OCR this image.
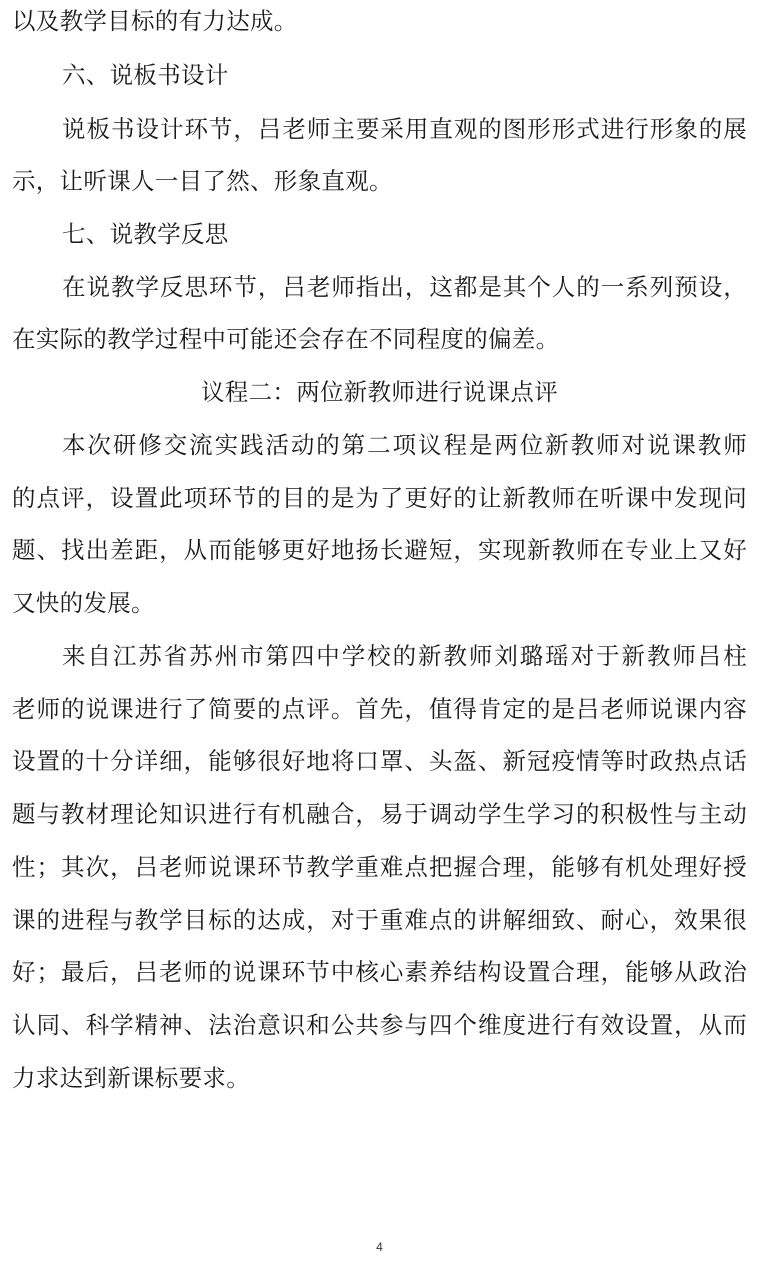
以及教学目标的有力达成。
六、说板书设计
说板书设计环节，吕老师主要采用直观的图形形式进行形象的展
示，让听课人一目了然、形象直观。
七、说教学反思
在说教学反思环节，吕老师指出，这都是其个人的一系列预设，
在实际的教学过程中可能还会存在不同程度的偏差。
议程二：两位新教师进行说课点评
本次研修交流实践活动的第二项议程是两位新教师对说课教师
的点评，设置此项环节的目的是为了更好的让新教师在听课中发现问
题、找出差距，从而能够更好地扬长避短，实现新教师在专业上又好
又快的发展。
来自江苏省苏州市第四中学校的新教师刘璐瑶对于新教师吕柱
老师的说课进行了简要的点评。首先，值得肯定的是吕老师说课内容
设置的十分详细，能够很好地将口罩、头盔、新冠疫情等时政热点话
题与教材理论知识进行有机融合，易于调动学生学习的积极性与主动
性；其次，吕老师说课环节教学重难点把握合理，能够有机处理好授
课的进程与教学目标的达成，对于重难点的讲解细致、耐心，效果很
好；最后，吕老师的说课环节中核心素养结构设置合理，能够从政治
认同、科学精神、法治意识和公共参与四个维度进行有效设置，从而
力求达到新课标要求。
4
